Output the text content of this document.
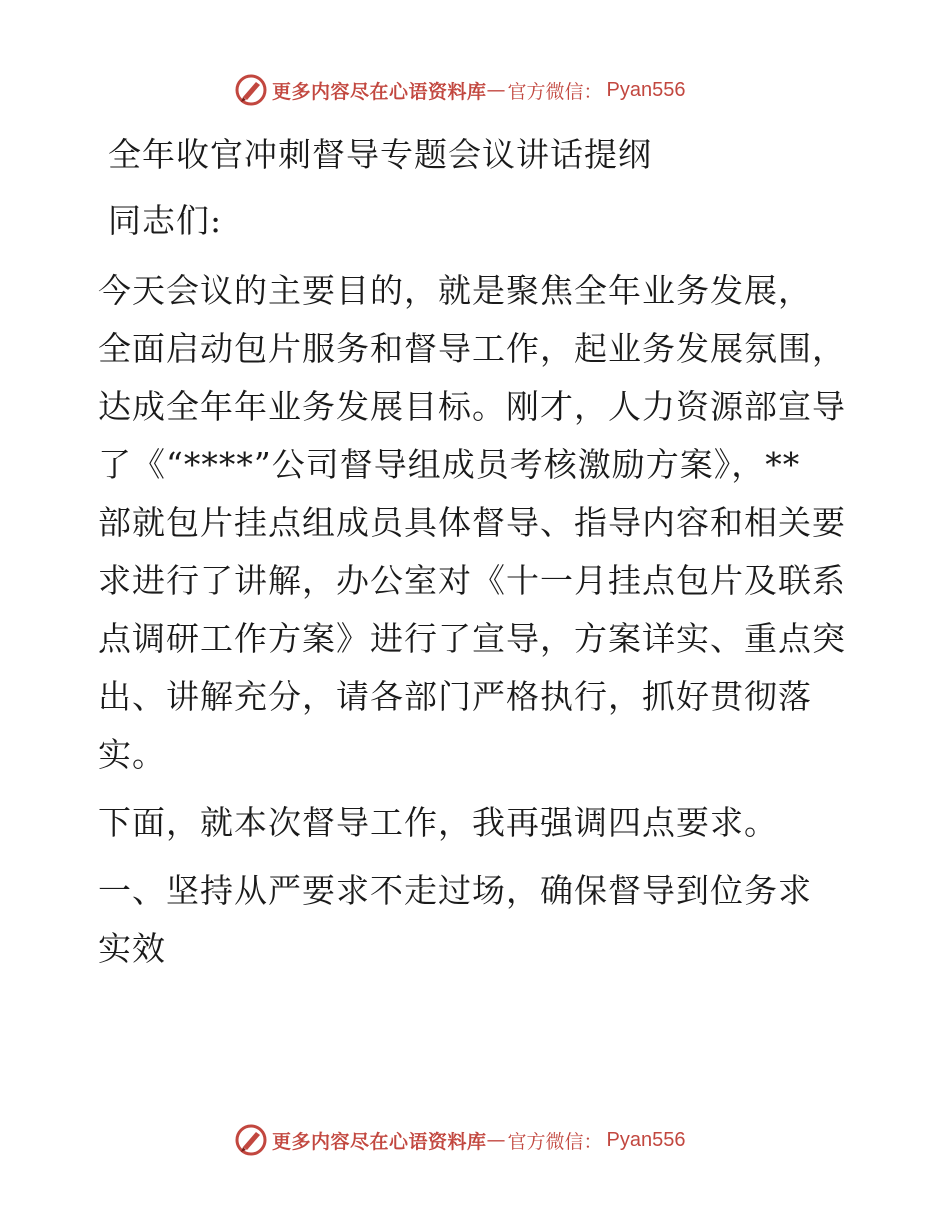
更多内容尽在心语资料库 — 官方微信： Pyan556
全年收官冲刺督导专题会议讲话提纲
同志们:
今天会议的主要目的，就是聚焦全年业务发展，
全面启动包片服务和督导工作，起业务发展氛围，
达成全年年业务发展目标。刚才，人力资源部宣导
了《“****”公司督导组成员考核激励方案》，**
部就包片挂点组成员具体督导、指导内容和相关要
求进行了讲解，办公室对《十一月挂点包片及联系
点调研工作方案》进行了宣导，方案详实、重点突
出、讲解充分，请各部门严格执行，抓好贯彻落
实。
下面，就本次督导工作，我再强调四点要求。
一、坚持从严要求不走过场，确保督导到位务求
实效
更多内容尽在心语资料库 — 官方微信： Pyan556
